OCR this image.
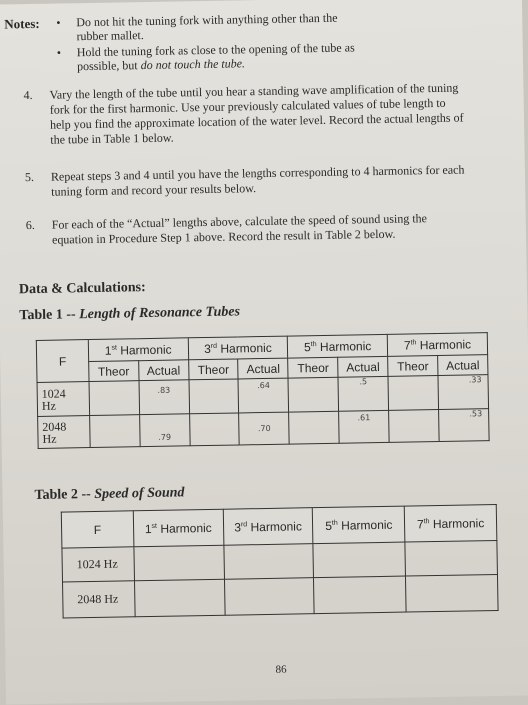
Notes: • Do not hit the tuning fork with anything other than the
rubber mallet.
• Hold the tuning fork as close to the opening of the tube as
possible, but do not touch the tube.
4. Vary the length of the tube until you hear a standing wave amplification of the tuning
fork for the first harmonic. Use your previously calculated values of tube length to
help you find the approximate location of the water level. Record the actual lengths of
the tube in Table 1 below.
5. Repeat steps 3 and 4 until you have the lengths corresponding to 4 harmonics for each
tuning form and record your results below.
6. For each of the “Actual” lengths above, calculate the speed of sound using the
equation in Procedure Step 1 above. Record the result in Table 2 below.
Data & Calculations:
Table 1 -- Length of Resonance Tubes
F	1st Harmonic		3rd Harmonic		5th Harmonic		7th Harmonic	
	Theor	Actual	Theor	Actual	Theor	Actual	Theor	Actual

1024
Hz		.83		.64		.5		.33

2048
Hz		.79		.70		.61		.53
Table 2 -- Speed of Sound
F	1st Harmonic	3rd Harmonic	5th Harmonic	7th Harmonic
1024 Hz				
2048 Hz				
86
